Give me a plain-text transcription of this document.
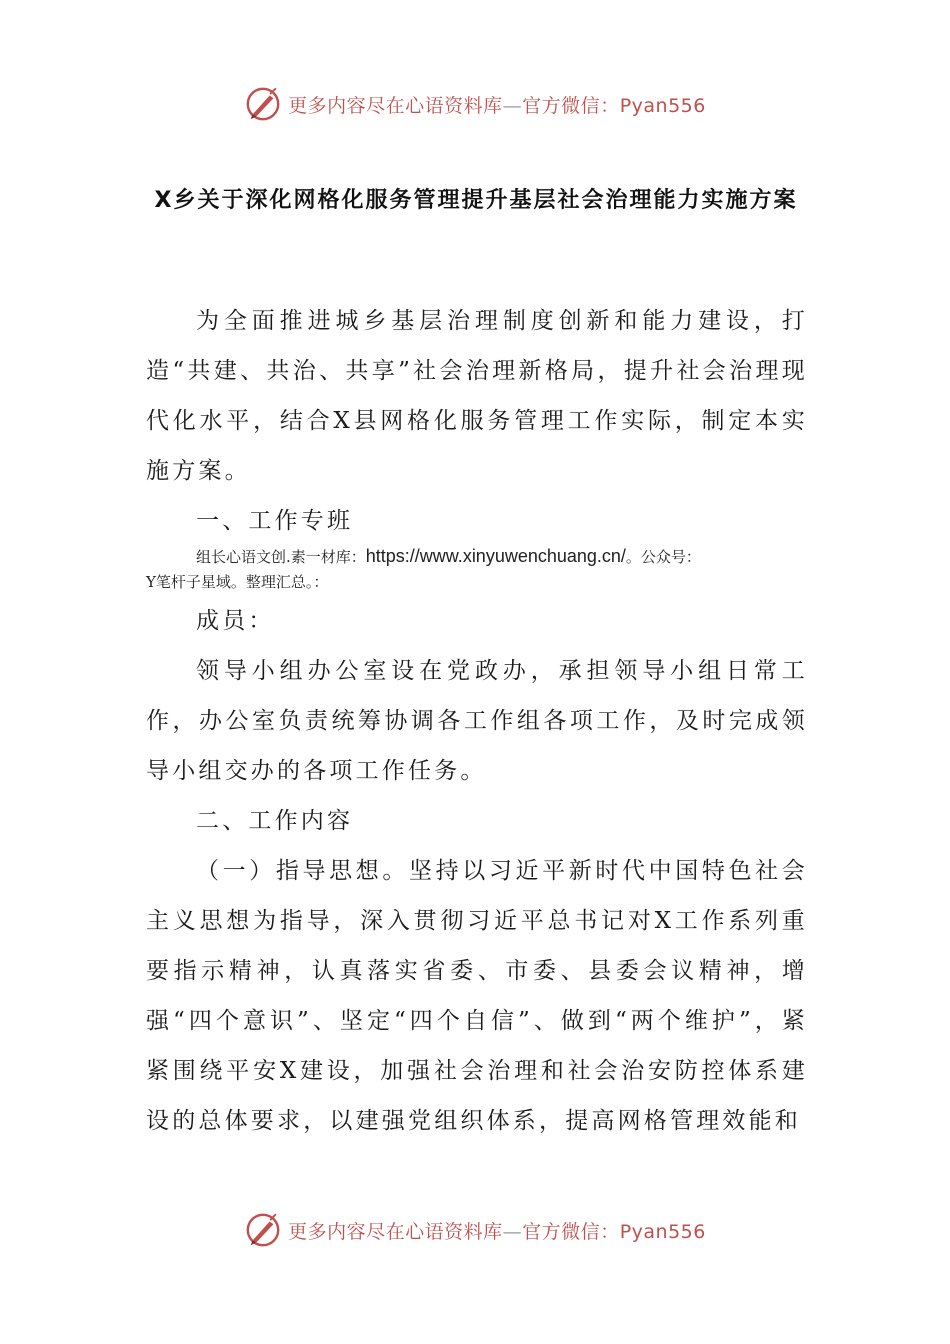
更多内容尽在心语资料库—官方微信：Pyan556
X乡关于深化网格化服务管理提升基层社会治理能力实施方案

为全面推进城乡基层治理制度创新和能力建设，打造“共建、共治、共享”社会治理新格局，提升社会治理现代化水平，结合X县网格化服务管理工作实际，制定本实施方案。

一、工作专班

组长心语文创.素一材库：https://www.xinyuwenchuang.cn/。公众号：

Y笔杆子星域。整理汇总。：

成员：

领导小组办公室设在党政办，承担领导小组日常工作，办公室负责统筹协调各工作组各项工作，及时完成领导小组交办的各项工作任务。

二、工作内容

（一）指导思想。坚持以习近平新时代中国特色社会主义思想为指导，深入贯彻习近平总书记对X工作系列重要指示精神，认真落实省委、市委、县委会议精神，增强“四个意识”、坚定“四个自信”、做到“两个维护”，紧紧围绕平安X建设，加强社会治理和社会治安防控体系建设的总体要求，以建强党组织体系，提高网格管理效能和

更多内容尽在心语资料库—官方微信：Pyan556
